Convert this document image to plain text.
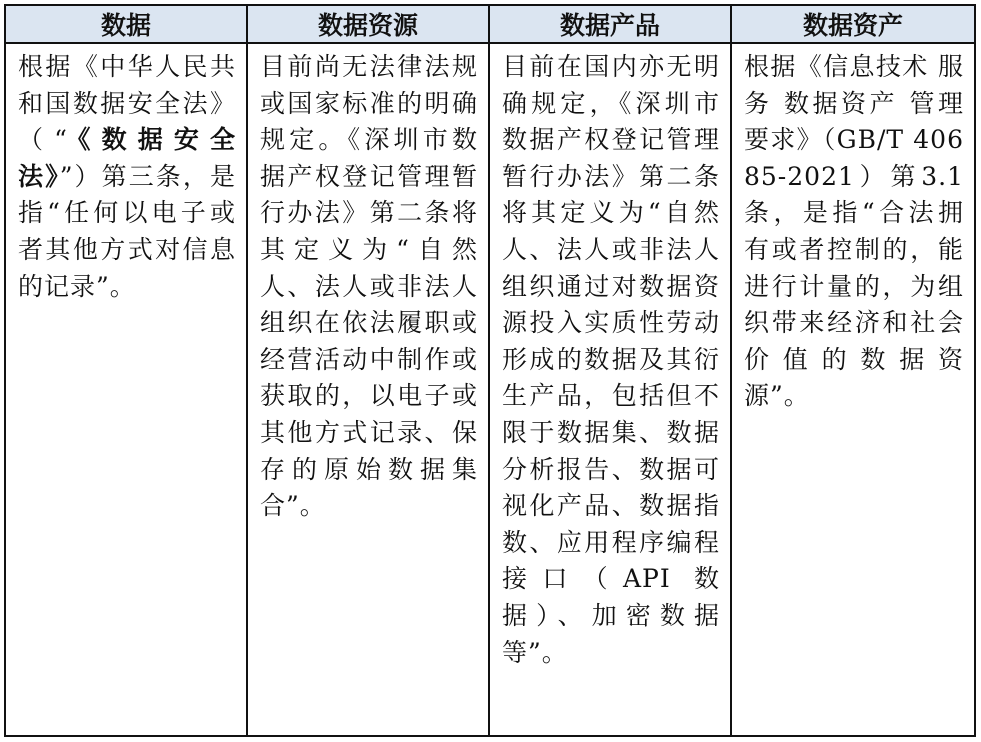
数据	数据资源	数据产品	数据资产
根据《中华人民共和国数据安全法》（“《数据安全法》”）第三条，是指“任何以电子或者其他方式对信息的记录”。	目前尚无法律法规或国家标准的明确规定。《深圳市数据产权登记管理暂行办法》第二条将其定义为“自然人、法人或非法人组织在依法履职或经营活动中制作或获取的，以电子或其他方式记录、保存的原始数据集合”。	目前在国内亦无明确规定，《深圳市数据产权登记管理暂行办法》第二条将其定义为“自然人、法人或非法人组织通过对数据资源投入实质性劳动形成的数据及其衍生产品，包括但不限于数据集、数据分析报告、数据可视化产品、数据指数、应用程序编程接口（API 数据）、加密数据等”。	根据《信息技术 服务 数据资产 管理要求》（GB/T 40685-2021）第3.1条，是指“合法拥有或者控制的，能进行计量的，为组织带来经济和社会价值的数据资源”。
